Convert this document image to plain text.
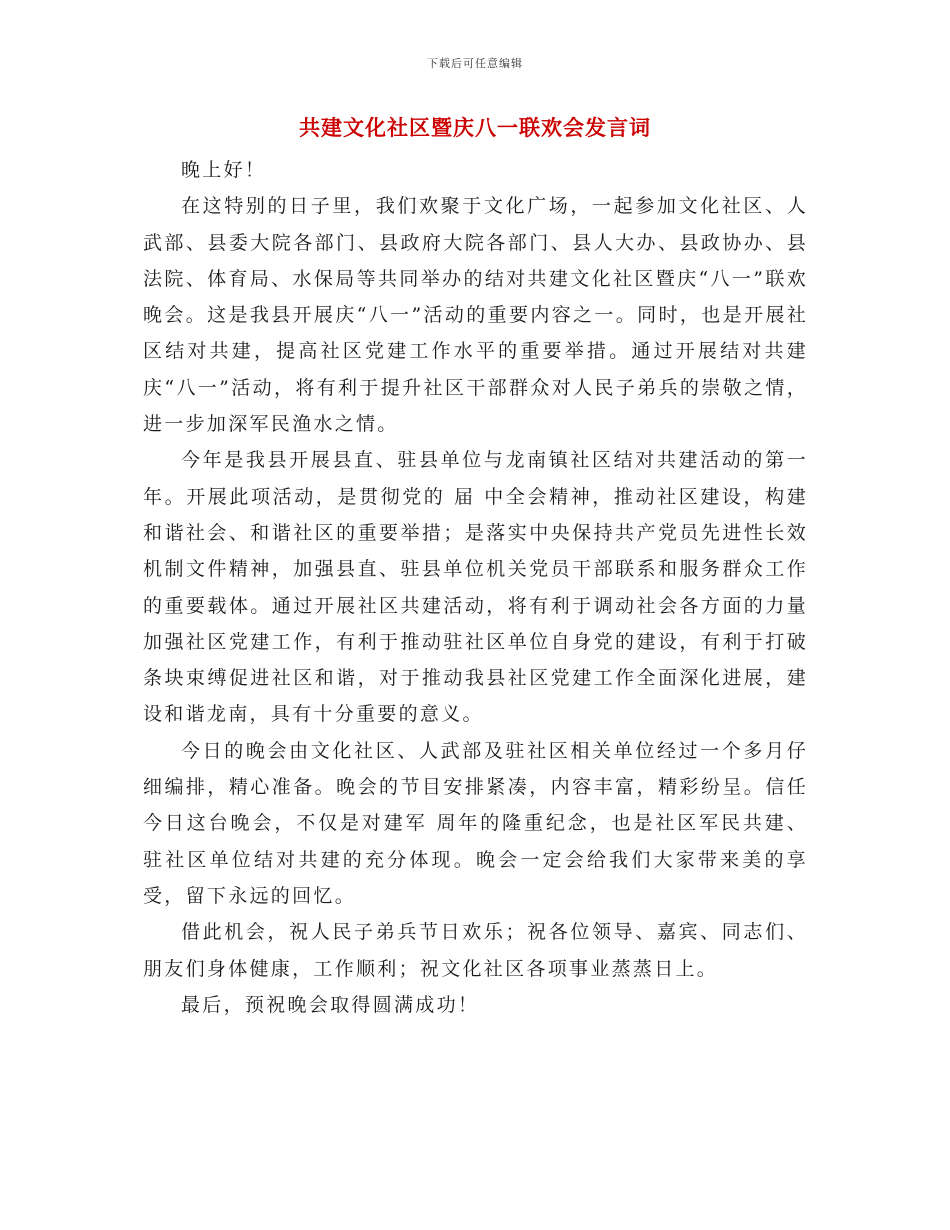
下载后可任意编辑
共建文化社区暨庆八一联欢会发言词

晚上好！

在这特别的日子里，我们欢聚于文化广场，一起参加文化社区、人武部、县委大院各部门、县政府大院各部门、县人大办、县政协办、县法院、体育局、水保局等共同举办的结对共建文化社区暨庆“八一”联欢晚会。这是我县开展庆“八一”活动的重要内容之一。同时，也是开展社区结对共建，提高社区党建工作水平的重要举措。通过开展结对共建庆“八一”活动，将有利于提升社区干部群众对人民子弟兵的崇敬之情，进一步加深军民渔水之情。

今年是我县开展县直、驻县单位与龙南镇社区结对共建活动的第一年。开展此项活动，是贯彻党的 届 中全会精神，推动社区建设，构建和谐社会、和谐社区的重要举措；是落实中央保持共产党员先进性长效机制文件精神，加强县直、驻县单位机关党员干部联系和服务群众工作的重要载体。通过开展社区共建活动，将有利于调动社会各方面的力量加强社区党建工作，有利于推动驻社区单位自身党的建设，有利于打破条块束缚促进社区和谐，对于推动我县社区党建工作全面深化进展，建设和谐龙南，具有十分重要的意义。

今日的晚会由文化社区、人武部及驻社区相关单位经过一个多月仔细编排，精心准备。晚会的节目安排紧凑，内容丰富，精彩纷呈。信任今日这台晚会，不仅是对建军 周年的隆重纪念，也是社区军民共建、驻社区单位结对共建的充分体现。晚会一定会给我们大家带来美的享受，留下永远的回忆。

借此机会，祝人民子弟兵节日欢乐；祝各位领导、嘉宾、同志们、朋友们身体健康，工作顺利；祝文化社区各项事业蒸蒸日上。

最后，预祝晚会取得圆满成功！
